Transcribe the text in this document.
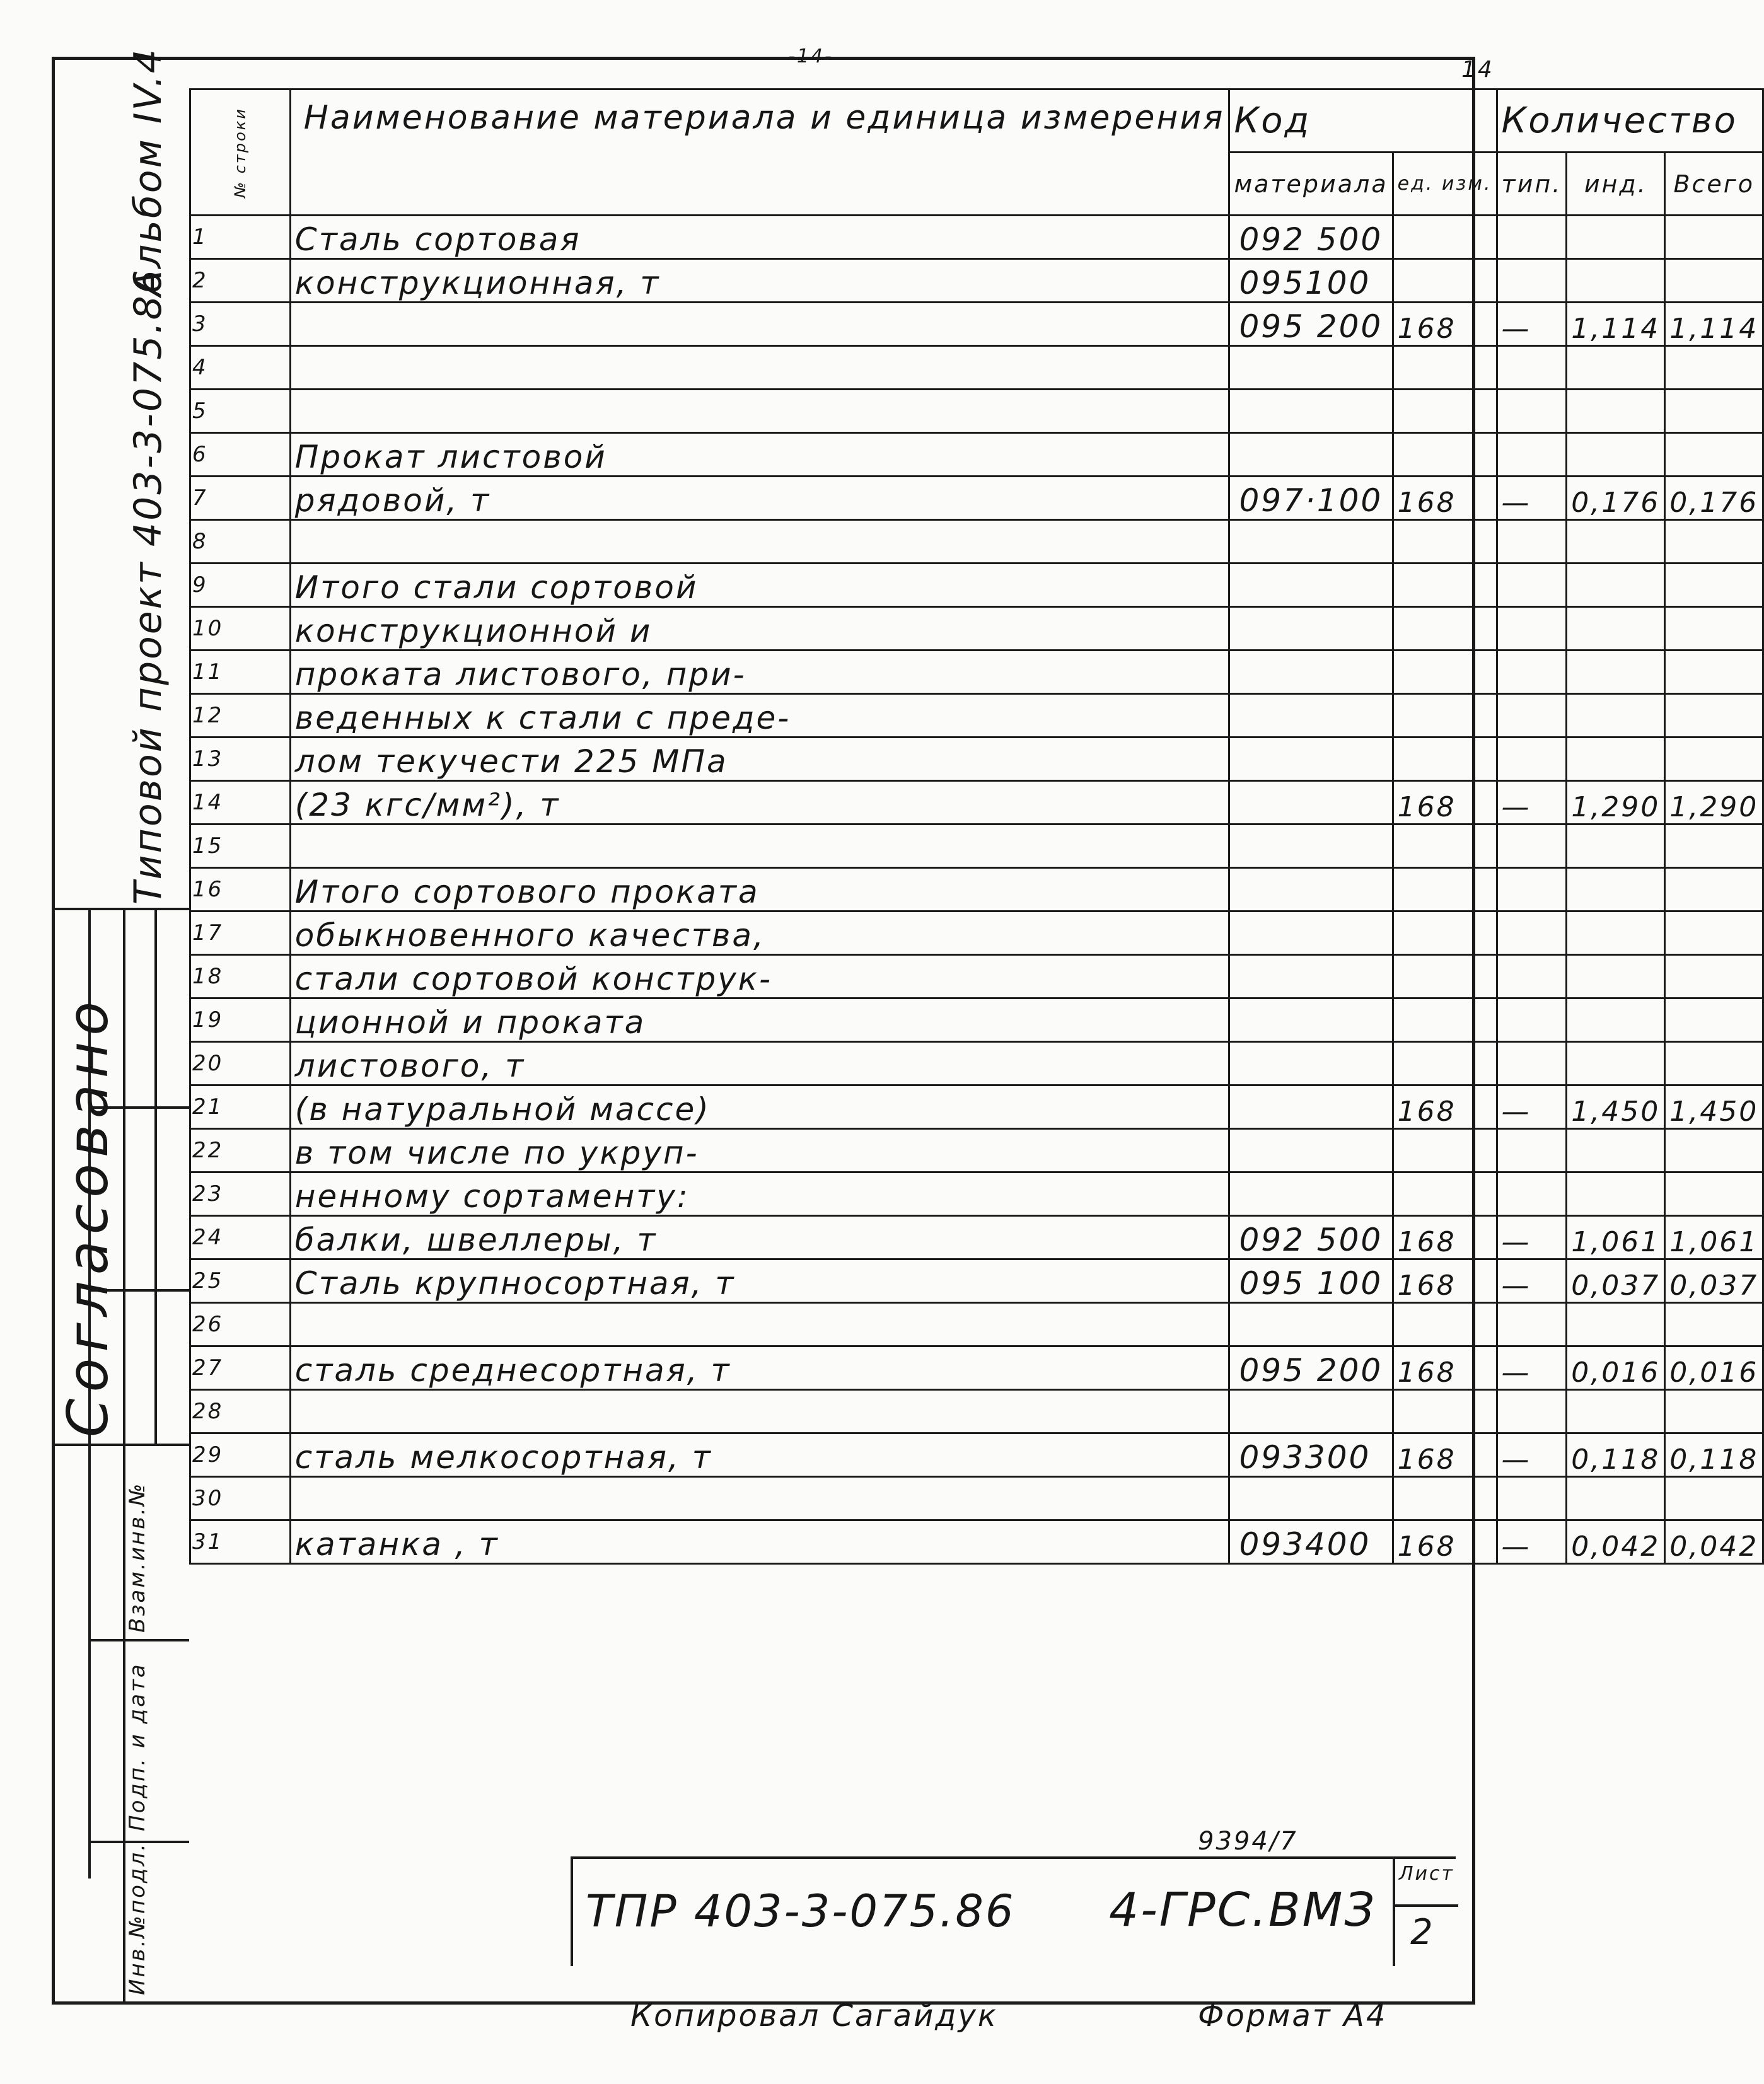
-14-
14
Альбом IV.4
Типовой проект 403-3-075.86
Согласовано
Взам.инв.№
Подп. и дата
Инв.№подл.
№ строки	Наименование материала и единица измерения	Код		Количество		
		материала	ед. изм.	тип.	инд.	Всего
1	Сталь сортовая	092 500				
2	конструкционная, т	095100				
3		095 200	168	—	1,114	1,114
4						
5						
6	Прокат листовой					
7	рядовой, т	097·100	168	—	0,176	0,176
8						
9	Итого стали сортовой					
10	конструкционной и					
11	проката листового, при-					
12	веденных к стали с преде-					
13	лом текучести 225 МПа					
14	(23 кгс/мм²), т		168	—	1,290	1,290
15						
16	Итого сортового проката					
17	обыкновенного качества,					
18	стали сортовой конструк-					
19	ционной и проката					
20	листового, т					
21	(в натуральной массе)		168	—	1,450	1,450
22	в том числе по укруп-					
23	ненному сортаменту:					
24	балки, швеллеры, т	092 500	168	—	1,061	1,061
25	Сталь крупносортная, т	095 100	168	—	0,037	0,037
26						
27	сталь среднесортная, т	095 200	168	—	0,016	0,016
28						
29	сталь мелкосортная, т	093300	168	—	0,118	0,118
30						
31	катанка , т	093400	168	—	0,042	0,042
9394/7
ТПР 403-3-075.86 4-ГРС.ВМЗ
Лист
2
Копировал Сагайдук	Формат А4
